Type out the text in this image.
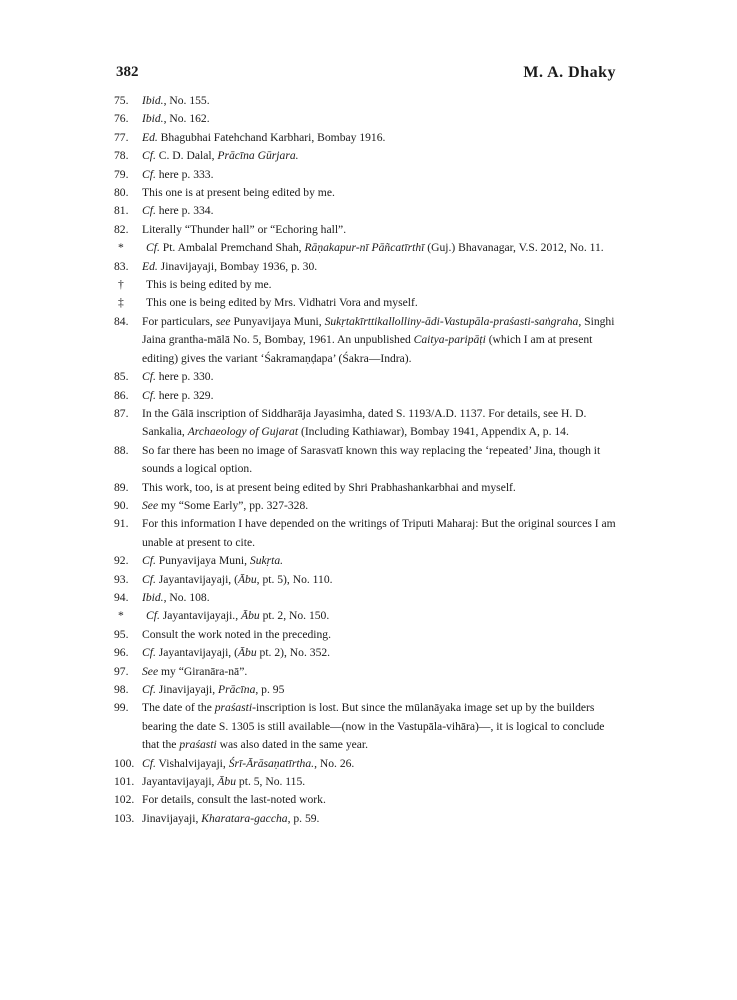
382	M. A. Dhaky
75.	Ibid., No. 155.
76.	Ibid., No. 162.
77.	Ed. Bhagubhai Fatehchand Karbhari, Bombay 1916.
78.	Cf. C. D. Dalal, Prācīna Gūrjara.
79.	Cf. here p. 333.
80.	This one is at present being edited by me.
81.	Cf. here p. 334.
82.	Literally “Thunder hall” or “Echoring hall”.
*	Cf. Pt. Ambalal Premchand Shah, Rāṇakapur-nī Pāñcatīrthī (Guj.) Bhavanagar, V.S. 2012, No. 11.
83.	Ed. Jinavijayaji, Bombay 1936, p. 30.
†	This is being edited by me.
‡	This one is being edited by Mrs. Vidhatri Vora and myself.
84.	For particulars, see Punyavijaya Muni, Sukṛtakīrttikallolliny-ādi-Vastupāla-praśasti-saṅgraha, Singhi Jaina grantha-mālā No. 5, Bombay, 1961. An unpublished Caitya-paripāṭi (which I am at present editing) gives the variant ‘Śakramaṇḍapa’ (Śakra—Indra).
85.	Cf. here p. 330.
86.	Cf. here p. 329.
87.	In the Gālā inscription of Siddharāja Jayasimha, dated S. 1193/A.D. 1137. For details, see H. D. Sankalia, Archaeology of Gujarat (Including Kathiawar), Bombay 1941, Appendix A, p. 14.
88.	So far there has been no image of Sarasvatī known this way replacing the ‘repeated’ Jina, though it sounds a logical option.
89.	This work, too, is at present being edited by Shri Prabhashankarbhai and myself.
90.	See my “Some Early”, pp. 327-328.
91.	For this information I have depended on the writings of Triputi Maharaj: But the original sources I am unable at present to cite.
92.	Cf. Punyavijaya Muni, Sukṛta.
93.	Cf. Jayantavijayaji, (Ābu, pt. 5), No. 110.
94.	Ibid., No. 108.
*	Cf. Jayantavijayaji., Ābu pt. 2, No. 150.
95.	Consult the work noted in the preceding.
96.	Cf. Jayantavijayaji, (Ābu pt. 2), No. 352.
97.	See my “Giranāra-nā”.
98.	Cf. Jinavijayaji, Prācīna, p. 95
99.	The date of the praśasti-inscription is lost. But since the mūlanāyaka image set up by the builders bearing the date S. 1305 is still available—(now in the Vastupāla-vihāra)—, it is logical to conclude that the praśasti was also dated in the same year.
100. Cf. Vishalvijayaji, Śrī-Ārāsaṇatīrtha., No. 26.
101. Jayantavijayaji, Ābu pt. 5, No. 115.
102. For details, consult the last-noted work.
103. Jinavijayaji, Kharatara-gaccha, p. 59.
